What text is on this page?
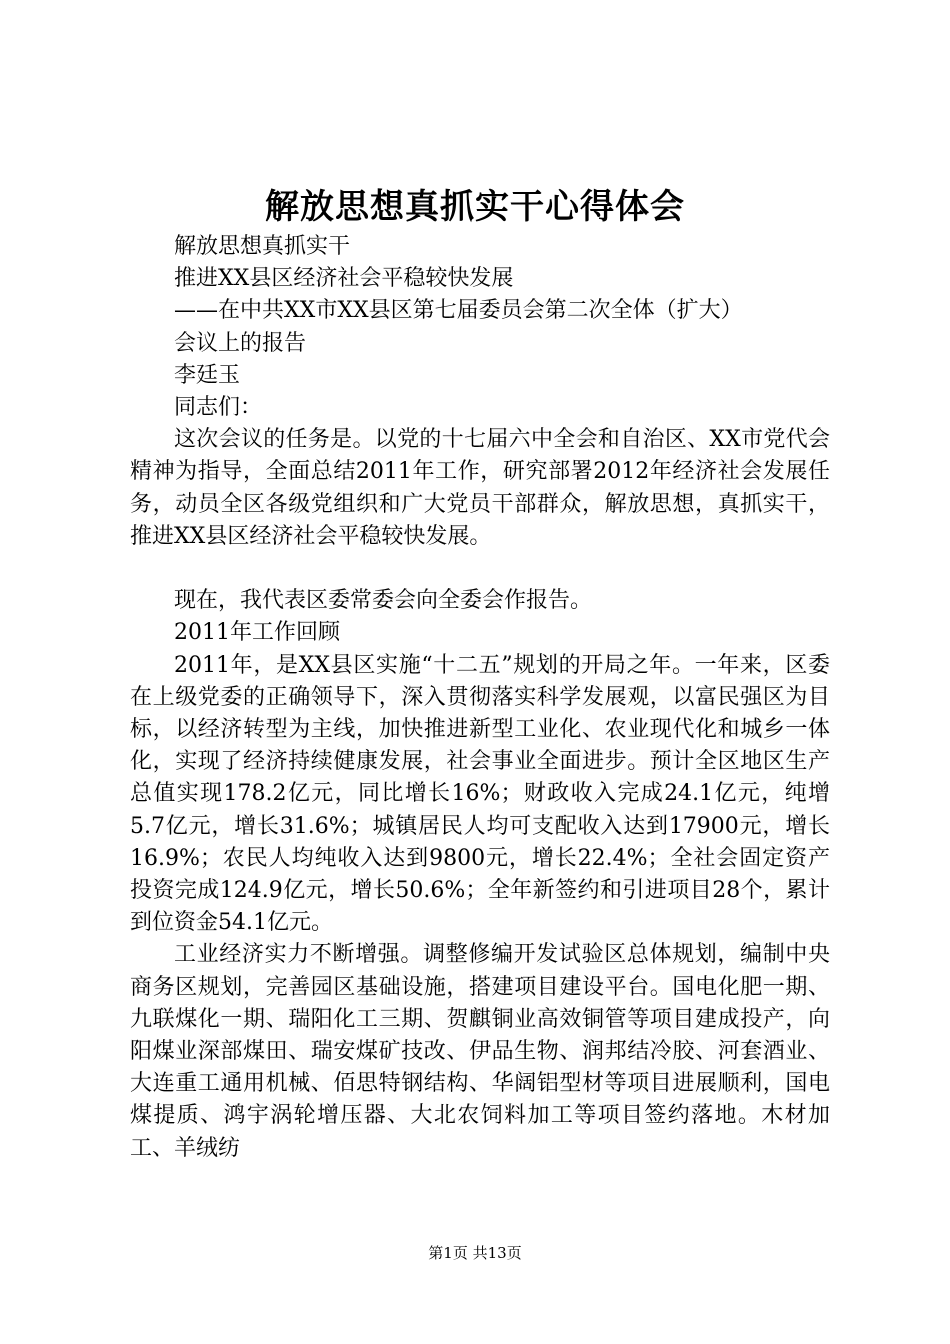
解放思想真抓实干心得体会

解放思想真抓实干

推进XX县区经济社会平稳较快发展

——在中共XX市XX县区第七届委员会第二次全体（扩大）

会议上的报告

李廷玉

同志们：

这次会议的任务是。以党的十七届六中全会和自治区、XX市党代会精神为指导，全面总结2011年工作，研究部署2012年经济社会发展任务，动员全区各级党组织和广大党员干部群众，解放思想，真抓实干，推进XX县区经济社会平稳较快发展。

现在，我代表区委常委会向全委会作报告。

2011年工作回顾

2011年，是XX县区实施“十二五”规划的开局之年。一年来，区委在上级党委的正确领导下，深入贯彻落实科学发展观，以富民强区为目标，以经济转型为主线，加快推进新型工业化、农业现代化和城乡一体化，实现了经济持续健康发展，社会事业全面进步。预计全区地区生产总值实现178.2亿元，同比增长16%；财政收入完成24.1亿元，纯增5.7亿元，增长31.6%；城镇居民人均可支配收入达到17900元，增长16.9%；农民人均纯收入达到9800元，增长22.4%；全社会固定资产投资完成124.9亿元，增长50.6%；全年新签约和引进项目28个，累计到位资金54.1亿元。

工业经济实力不断增强。调整修编开发试验区总体规划，编制中央商务区规划，完善园区基础设施，搭建项目建设平台。国电化肥一期、九联煤化一期、瑞阳化工三期、贺麒铜业高效铜管等项目建成投产，向阳煤业深部煤田、瑞安煤矿技改、伊品生物、润邦结冷胶、河套酒业、大连重工通用机械、佰思特钢结构、华阔铝型材等项目进展顺利，国电煤提质、鸿宇涡轮增压器、大北农饲料加工等项目签约落地。木材加工、羊绒纺

第1页 共13页
